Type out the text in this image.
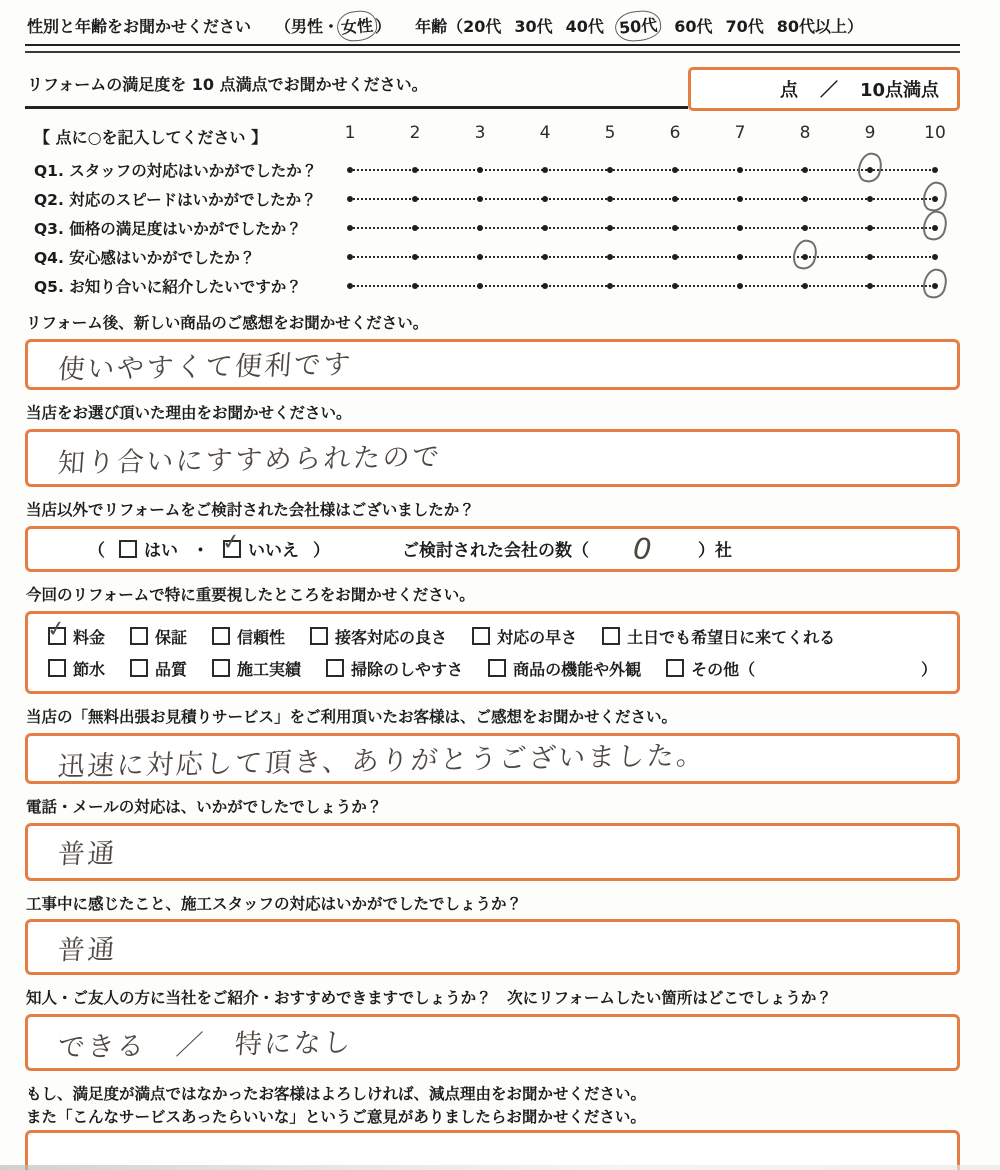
性別と年齢をお聞かせください （男性・女性） 年齢（20代 30代 40代 50代 60代 70代 80代以上）
リフォームの満足度を 10 点満点でお聞かせください。	点 ／ 10点満点
【 点に○を記入してください 】	1	2	3	4	5	6	7	8	9	10
Q1. スタッフの対応はいかがでしたか？
Q2. 対応のスピードはいかがでしたか？
Q3. 価格の満足度はいかがでしたか？
Q4. 安心感はいかがでしたか？
Q5. お知り合いに紹介したいですか？
リフォーム後、新しい商品のご感想をお聞かせください。
使いやすくて便利です
当店をお選び頂いた理由をお聞かせください。
知り合いにすすめられたので
当店以外でリフォームをご検討された会社様はございましたか？
（ はい ・ ✓ いいえ ）	ご検討された会社の数（ 0 ）社
今回のリフォームで特に重要視したところをお聞かせください。
✓
料金	保証	信頼性	接客対応の良さ	対応の早さ	土日でも希望日に来てくれる
節水	品質	施工実績	掃除のしやすさ	商品の機能や外観	その他（	）
当店の「無料出張お見積りサービス」をご利用頂いたお客様は、ご感想をお聞かせください。
迅速に対応して頂き、ありがとうございました。
電話・メールの対応は、いかがでしたでしょうか？
普通
工事中に感じたこと、施工スタッフの対応はいかがでしたでしょうか？
普通
知人・ご友人の方に当社をご紹介・おすすめできますでしょうか？　次にリフォームしたい箇所はどこでしょうか？
できる　／　特になし
もし、満足度が満点ではなかったお客様はよろしければ、減点理由をお聞かせください。
また「こんなサービスあったらいいな」というご意見がありましたらお聞かせください。
